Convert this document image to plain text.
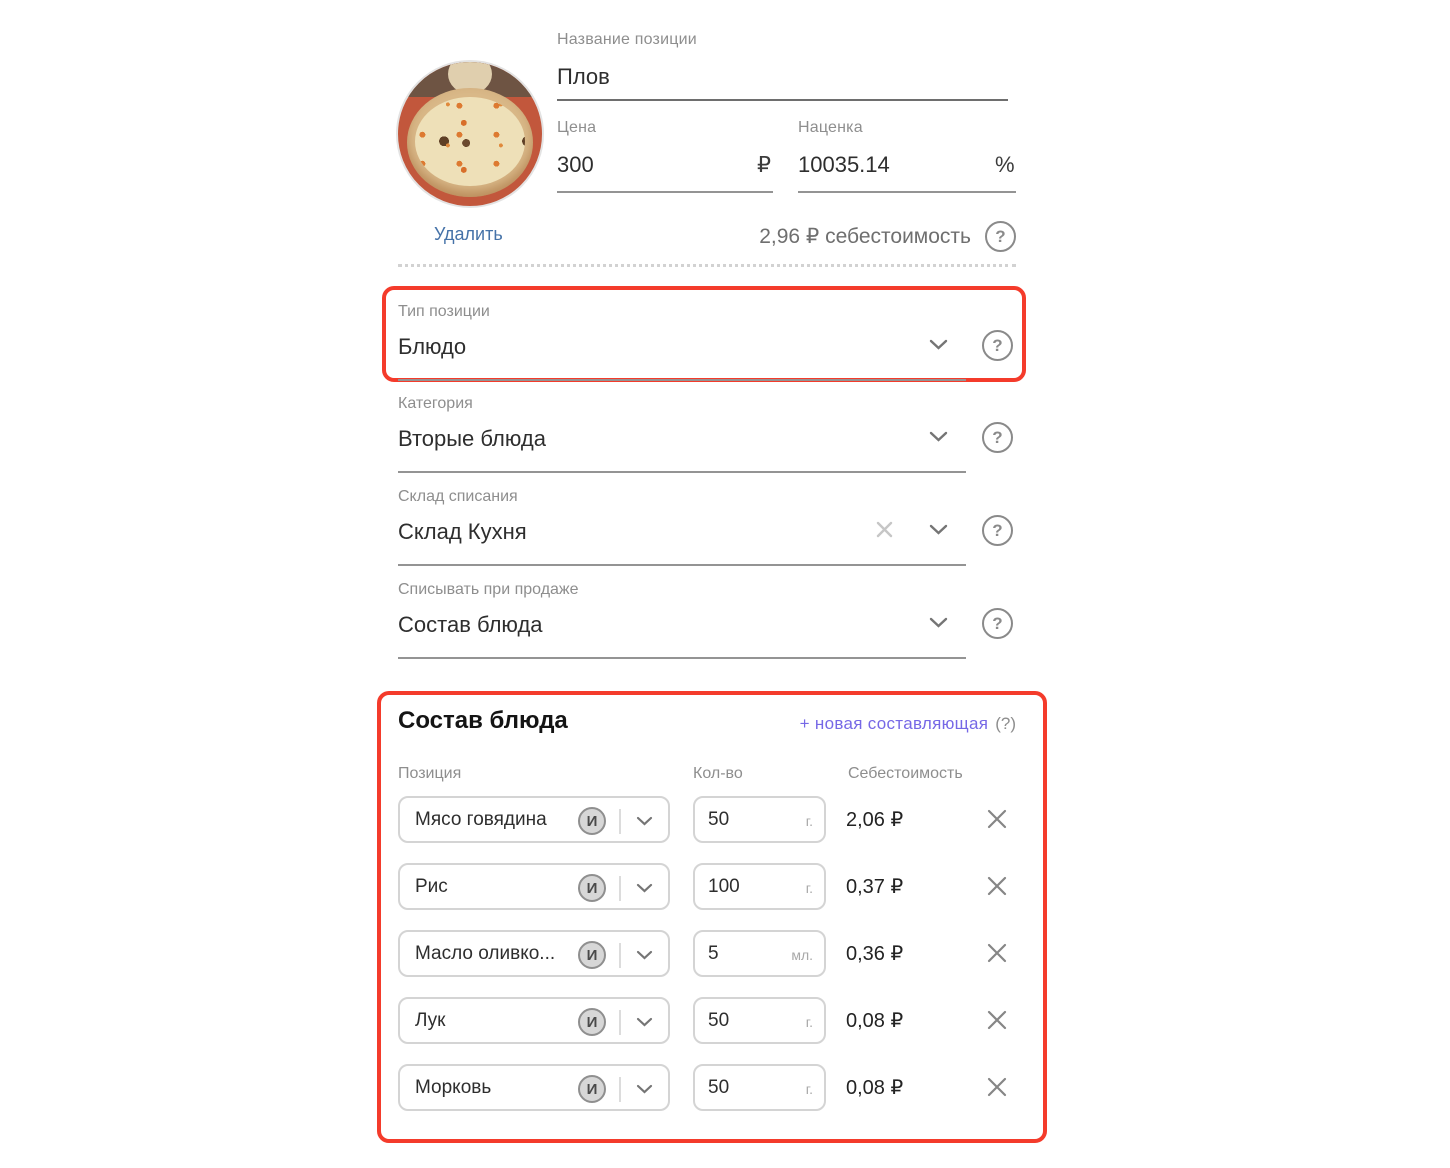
Название позиции
Плов
Цена
300	₽
Наценка
10035.14	%
Удалить	2,96 ₽ себестоимость	?
Тип позиции
Блюдо	?
Категория
Вторые блюда	?
Склад списания
Склад Кухня	?
Списывать при продаже
Состав блюда	?
Состав блюда	+ новая составляющая (?)
Позиция	Кол-во	Себестоимость
Мясо говядина	И	50	г. 2,06 ₽
Рис	И	100	г. 0,37 ₽
Масло оливко...	И	5	мл. 0,36 ₽
Лук	И	50	г. 0,08 ₽
Морковь	И	50	г. 0,08 ₽
